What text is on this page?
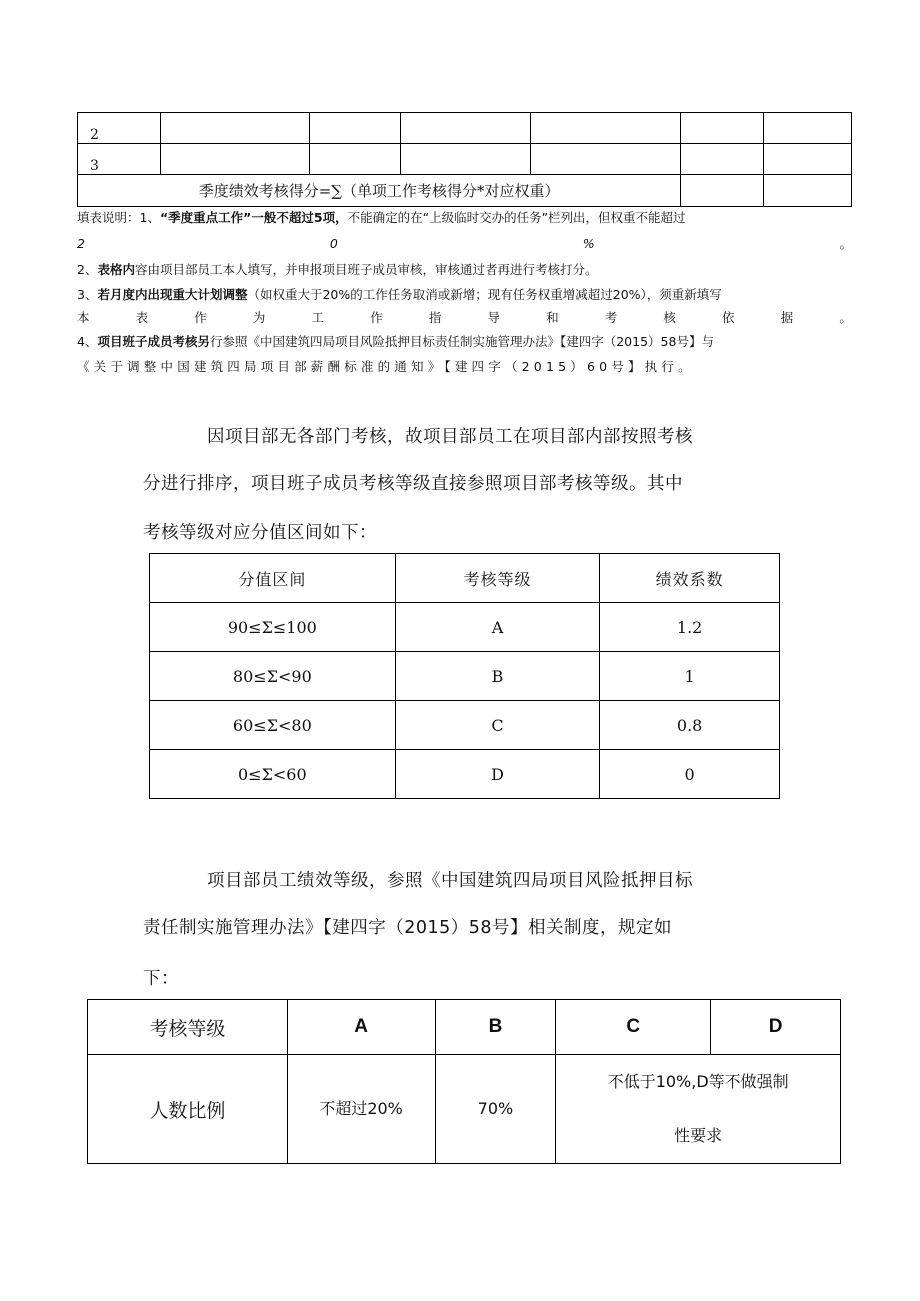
2						
3						
季度绩效考核得分=∑（单项工作考核得分*对应权重）						
填表说明：1、“季度重点工作”一般不超过5项，不能确定的在“上级临时交办的任务”栏列出，但权重不能超过
2	0	%	。
2、表格内容由项目部员工本人填写，并申报项目班子成员审核，审核通过者再进行考核打分。
3、若月度内出现重大计划调整（如权重大于20%的工作任务取消或新增；现有任务权重增减超过20%），须重新填写
本	表	作	为	工	作	指	导	和	考	核	依	据	。
4、项目班子成员考核另行参照《中国建筑四局项目风险抵押目标责任制实施管理办法》【建四字（2015）58号】与
《关于调整中国建筑四局项目部薪酬标准的通知》【建四字（2015）60号】执行。
因项目部无各部门考核，故项目部员工在项目部内部按照考核
分进行排序，项目班子成员考核等级直接参照项目部考核等级。其中
考核等级对应分值区间如下：
分值区间	考核等级	绩效系数
90≤Σ≤100	A	1.2
80≤Σ<90	B	1
60≤Σ<80	C	0.8
0≤Σ<60	D	0
项目部员工绩效等级，参照《中国建筑四局项目风险抵押目标
责任制实施管理办法》【建四字（2015）58号】相关制度，规定如
下：
考核等级	A	B	C	D
人数比例	不超过20%	70%	不低于10%,D等不做强制
性要求	
